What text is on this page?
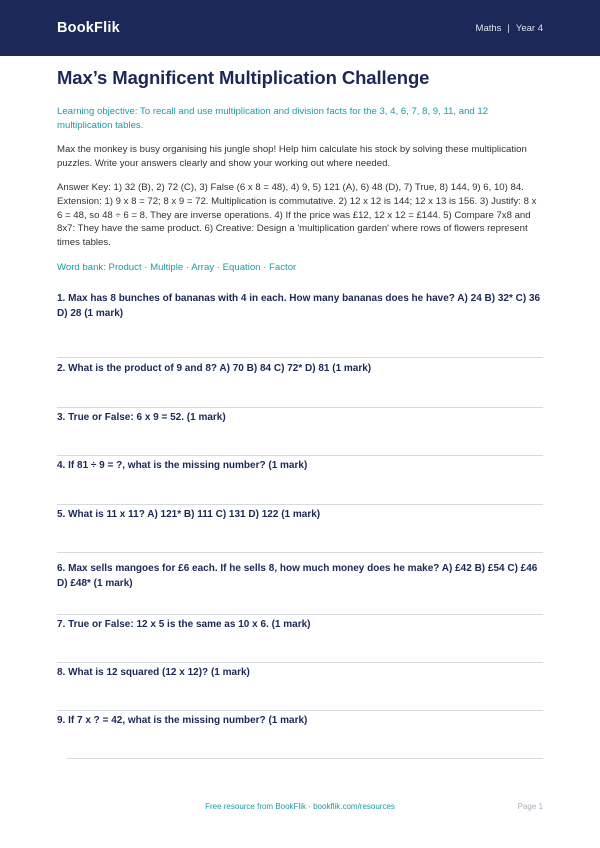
BookFlik	Maths | Year 4
Max’s Magnificent Multiplication Challenge

Learning objective: To recall and use multiplication and division facts for the 3, 4, 6, 7, 8, 9, 11, and 12 multiplication tables.

Max the monkey is busy organising his jungle shop! Help him calculate his stock by solving these multiplication puzzles. Write your answers clearly and show your working out where needed.

Answer Key: 1) 32 (B), 2) 72 (C), 3) False (6 x 8 = 48), 4) 9, 5) 121 (A), 6) 48 (D), 7) True, 8) 144, 9) 6, 10) 84. Extension: 1) 9 x 8 = 72; 8 x 9 = 72. Multiplication is commutative. 2) 12 x 12 is 144; 12 x 13 is 156. 3) Justify: 8 x 6 = 48, so 48 ÷ 6 = 8. They are inverse operations. 4) If the price was £12, 12 x 12 = £144. 5) Compare 7x8 and 8x7: They have the same product. 6) Creative: Design a 'multiplication garden' where rows of flowers represent times tables.

Word bank: Product · Multiple · Array · Equation · Factor

1. Max has 8 bunches of bananas with 4 in each. How many bananas does he have? A) 24 B) 32* C) 36 D) 28 (1 mark)
2. What is the product of 9 and 8? A) 70 B) 84 C) 72* D) 81 (1 mark)
3. True or False: 6 x 9 = 52. (1 mark)
4. If 81 ÷ 9 = ?, what is the missing number? (1 mark)
5. What is 11 x 11? A) 121* B) 111 C) 131 D) 122 (1 mark)
6. Max sells mangoes for £6 each. If he sells 8, how much money does he make? A) £42 B) £54 C) £46 D) £48* (1 mark)
7. True or False: 12 x 5 is the same as 10 x 6. (1 mark)
8. What is 12 squared (12 x 12)? (1 mark)
9. If 7 x ? = 42, what is the missing number? (1 mark)
Free resource from BookFlik · bookflik.com/resources	Page 1
